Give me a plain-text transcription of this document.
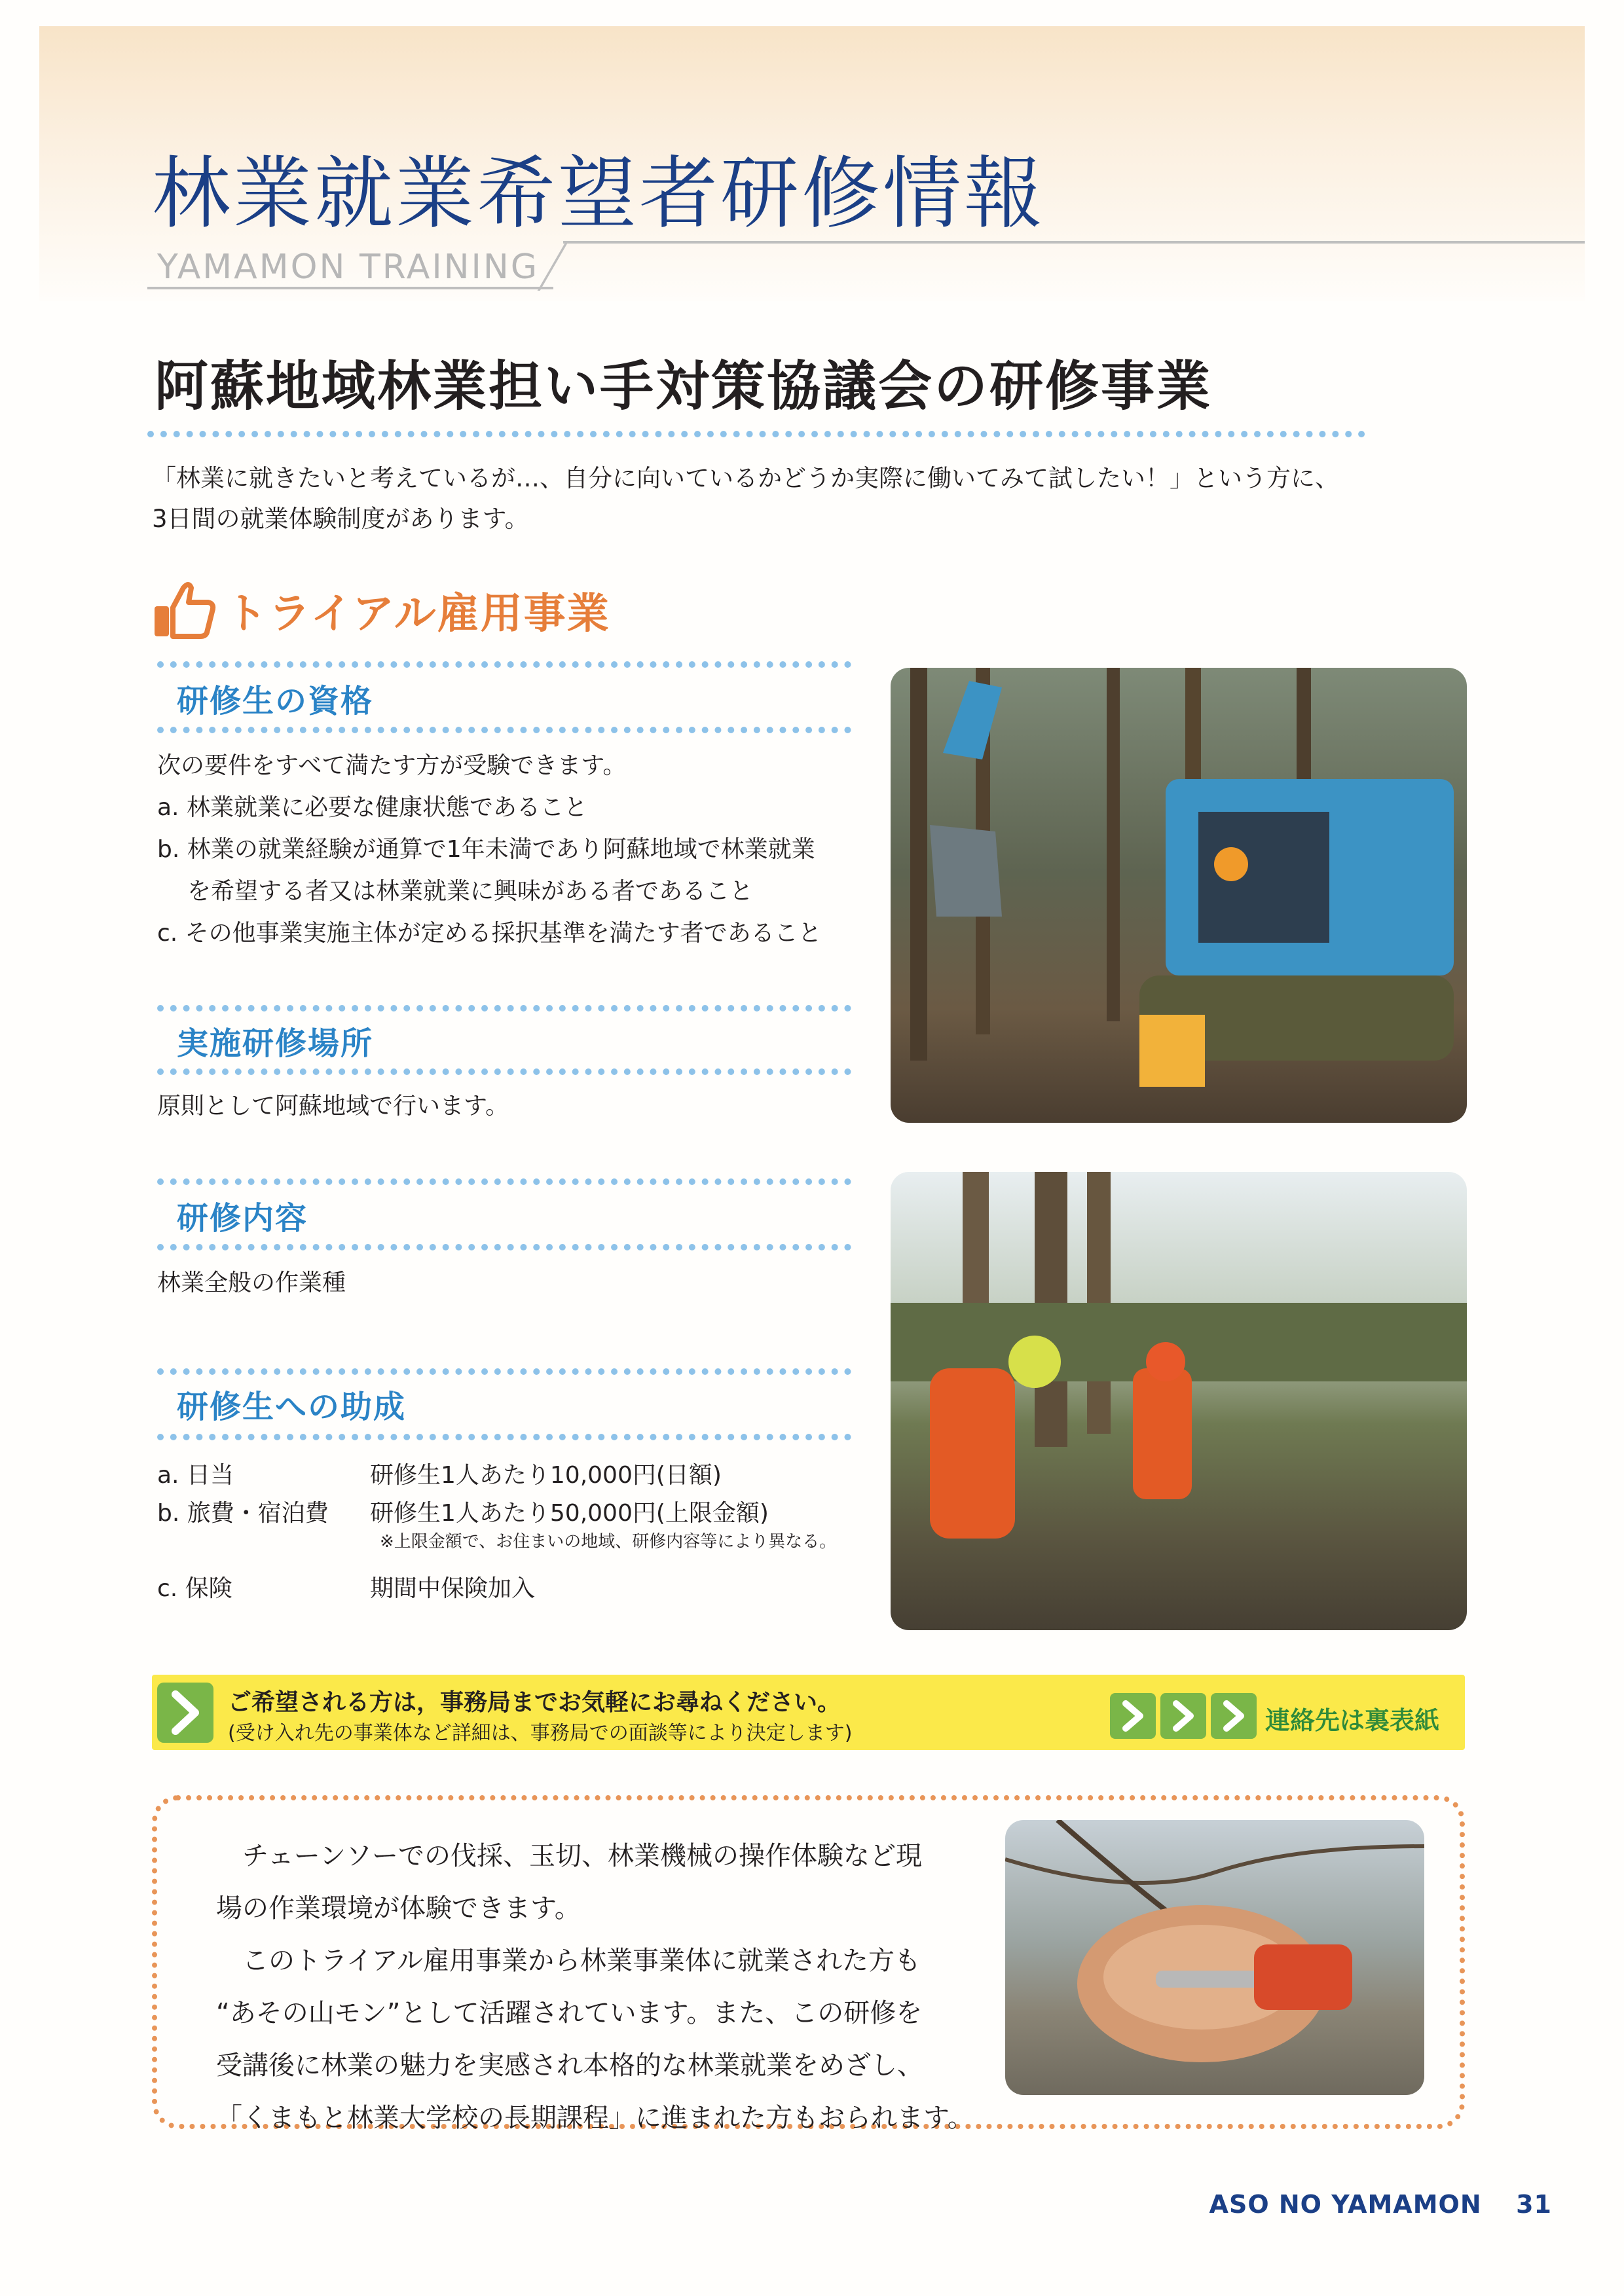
林業就業希望者研修情報
YAMAMON TRAINING
阿蘇地域林業担い手対策協議会の研修事業
「林業に就きたいと考えているが…、自分に向いているかどうか実際に働いてみて試したい！」という方に、
3日間の就業体験制度があります。
トライアル雇用事業
研修生の資格
次の要件をすべて満たす方が受験できます。
a. 林業就業に必要な健康状態であること
b. 林業の就業経験が通算で1年未満であり阿蘇地域で林業就業
を希望する者又は林業就業に興味がある者であること
c. その他事業実施主体が定める採択基準を満たす者であること
実施研修場所
原則として阿蘇地域で行います。
研修内容
林業全般の作業種
研修生への助成
a. 日当	研修生1人あたり10,000円(日額)
b. 旅費・宿泊費 研修生1人あたり50,000円(上限金額)
※上限金額で、お住まいの地域、研修内容等により異なる。
c. 保険	期間中保険加入
ご希望される方は，事務局までお気軽にお尋ねください。
(受け入れ先の事業体など詳細は、事務局での面談等により決定します)	連絡先は裏表紙

　チェーンソーでの伐採、玉切、林業機械の操作体験など現

場の作業環境が体験できます。

　このトライアル雇用事業から林業事業体に就業された方も

“あその山モン”として活躍されています。また、この研修を

受講後に林業の魅力を実感され本格的な林業就業をめざし、

「くまもと林業大学校の長期課程」に進まれた方もおられます。

ASO NO YAMAMON 31
